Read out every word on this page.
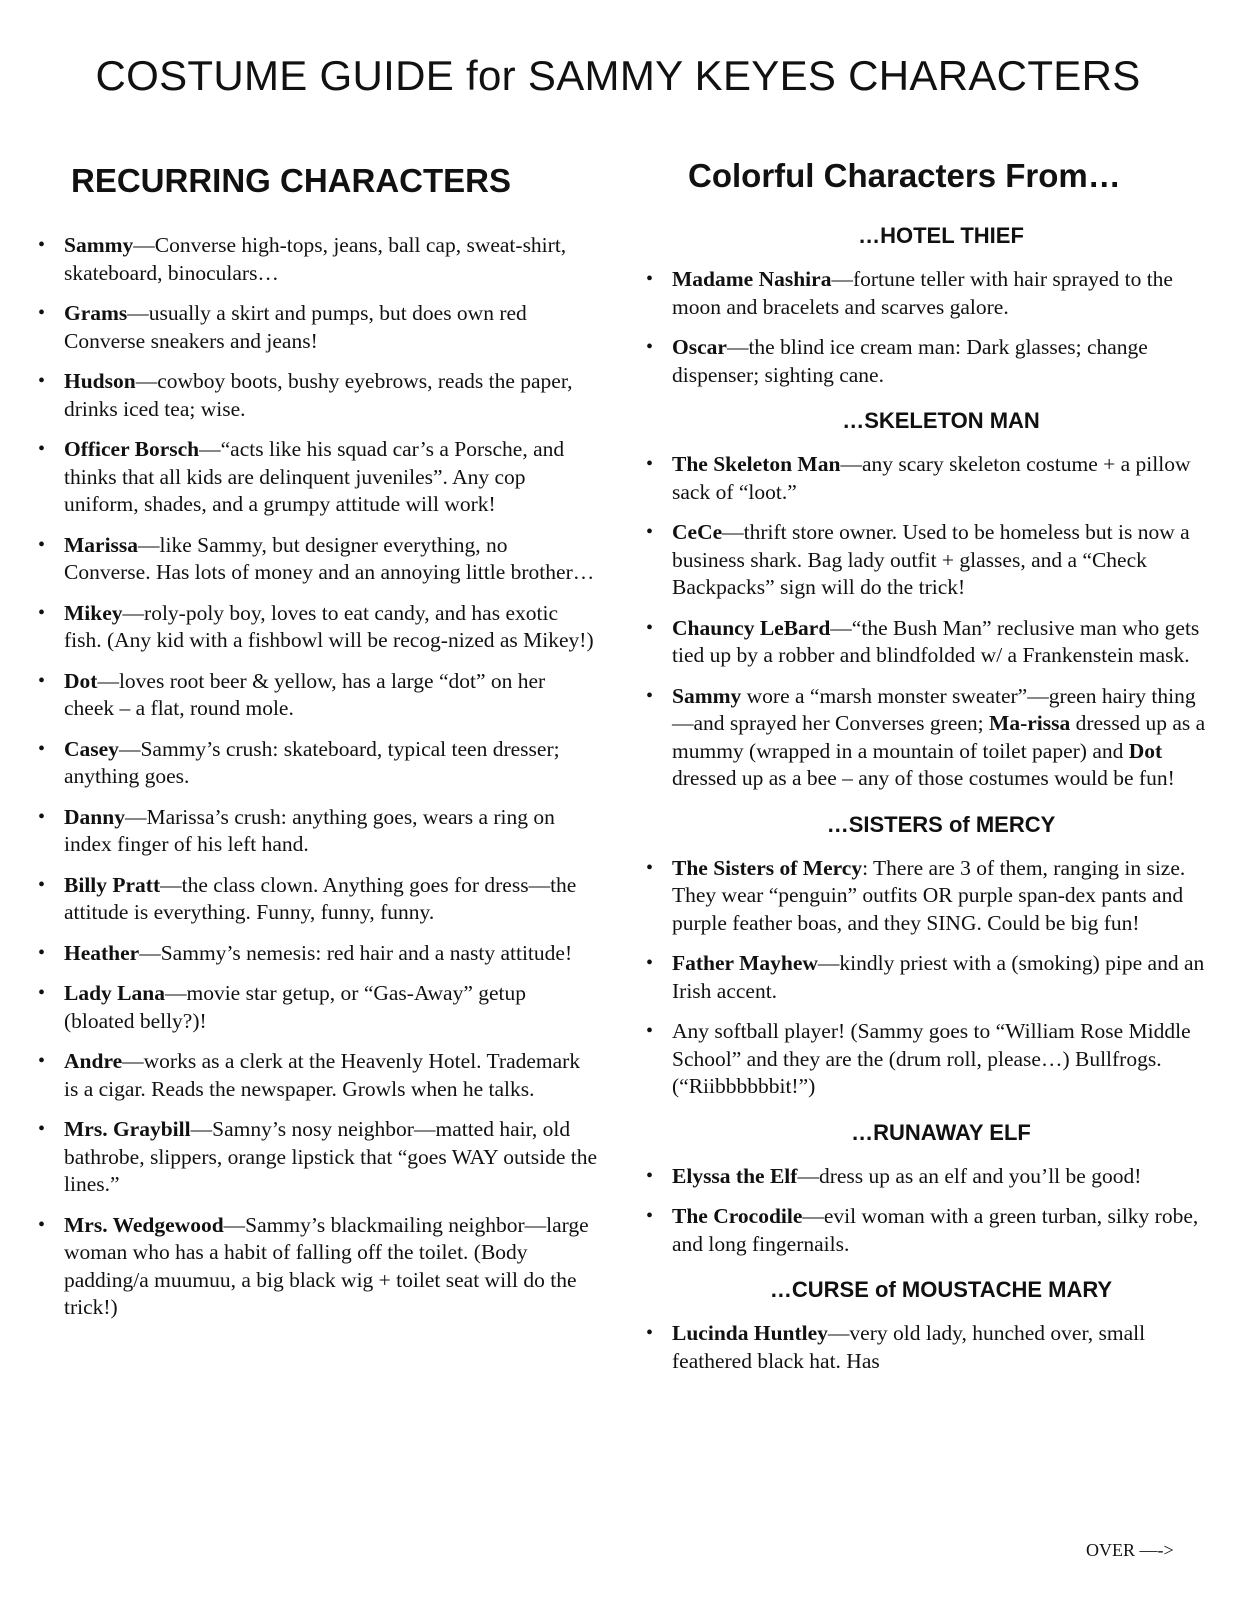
COSTUME GUIDE for SAMMY KEYES CHARACTERS
RECURRING CHARACTERS
• Sammy—Converse high-tops, jeans, ball cap, sweat-shirt, skateboard, binoculars…
• Grams—usually a skirt and pumps, but does own red Converse sneakers and jeans!
• Hudson—cowboy boots, bushy eyebrows, reads the paper, drinks iced tea; wise.
• Officer Borsch—“acts like his squad car’s a Porsche, and thinks that all kids are delinquent juveniles”. Any cop uniform, shades, and a grumpy attitude will work!
• Marissa—like Sammy, but designer everything, no Converse. Has lots of money and an annoying little brother…
• Mikey—roly-poly boy, loves to eat candy, and has exotic fish. (Any kid with a fishbowl will be recog-nized as Mikey!)
• Dot—loves root beer & yellow, has a large “dot” on her cheek – a flat, round mole.
• Casey—Sammy’s crush: skateboard, typical teen dresser; anything goes.
• Danny—Marissa’s crush: anything goes, wears a ring on index finger of his left hand.
• Billy Pratt—the class clown. Anything goes for dress—the attitude is everything. Funny, funny, funny.
• Heather—Sammy’s nemesis: red hair and a nasty attitude!
• Lady Lana—movie star getup, or “Gas-Away” getup (bloated belly?)!
• Andre—works as a clerk at the Heavenly Hotel. Trademark is a cigar. Reads the newspaper. Growls when he talks.
• Mrs. Graybill—Samny’s nosy neighbor—matted hair, old bathrobe, slippers, orange lipstick that “goes WAY outside the lines.”
• Mrs. Wedgewood—Sammy’s blackmailing neighbor—large woman who has a habit of falling off the toilet. (Body padding/a muumuu, a big black wig + toilet seat will do the trick!)
Colorful Characters From…
…HOTEL THIEF
• Madame Nashira—fortune teller with hair sprayed to the moon and bracelets and scarves galore.
• Oscar—the blind ice cream man: Dark glasses; change dispenser; sighting cane.
…SKELETON MAN
• The Skeleton Man—any scary skeleton costume + a pillow sack of “loot.”
• CeCe—thrift store owner. Used to be homeless but is now a business shark. Bag lady outfit + glasses, and a “Check Backpacks” sign will do the trick!
• Chauncy LeBard—“the Bush Man” reclusive man who gets tied up by a robber and blindfolded w/ a Frankenstein mask.
• Sammy wore a “marsh monster sweater”—green hairy thing—and sprayed her Converses green; Ma-rissa dressed up as a mummy (wrapped in a mountain of toilet paper) and Dot dressed up as a bee – any of those costumes would be fun!
…SISTERS of MERCY
• The Sisters of Mercy: There are 3 of them, ranging in size. They wear “penguin” outfits OR purple span-dex pants and purple feather boas, and they SING. Could be big fun!
• Father Mayhew—kindly priest with a (smoking) pipe and an Irish accent.
• Any softball player! (Sammy goes to “William Rose Middle School” and they are the (drum roll, please…) Bullfrogs. (“Riibbbbbbit!”)
…RUNAWAY ELF
• Elyssa the Elf—dress up as an elf and you’ll be good!
• The Crocodile—evil woman with a green turban, silky robe, and long fingernails.
…CURSE of MOUSTACHE MARY
• Lucinda Huntley—very old lady, hunched over, small feathered black hat. Has
OVER —->
